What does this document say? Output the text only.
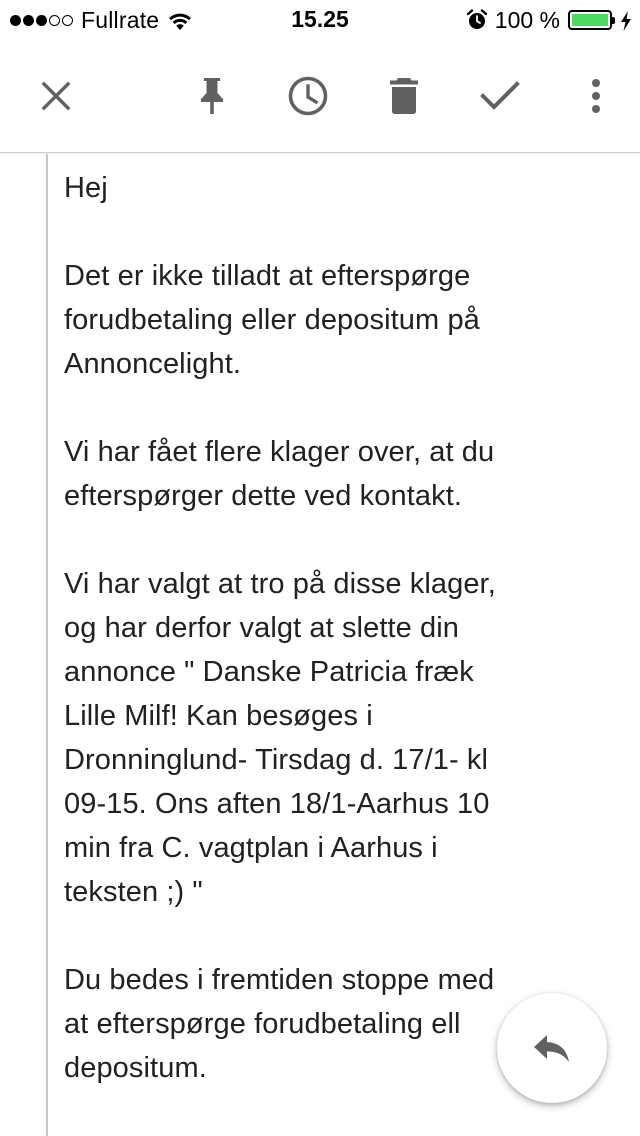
Fullrate	15.25	100 %

Hej

Det er ikke tilladt at efterspørge
forudbetaling eller depositum på
Annoncelight.

Vi har fået flere klager over, at du
efterspørger dette ved kontakt.

Vi har valgt at tro på disse klager,
og har derfor valgt at slette din
annonce " Danske Patricia fræk
Lille Milf! Kan besøges i
Dronninglund- Tirsdag d. 17/1- kl
09-15. Ons aften 18/1-Aarhus 10
min fra C. vagtplan i Aarhus i
teksten ;) "

Du bedes i fremtiden stoppe med
at efterspørge forudbetaling ell
depositum.
